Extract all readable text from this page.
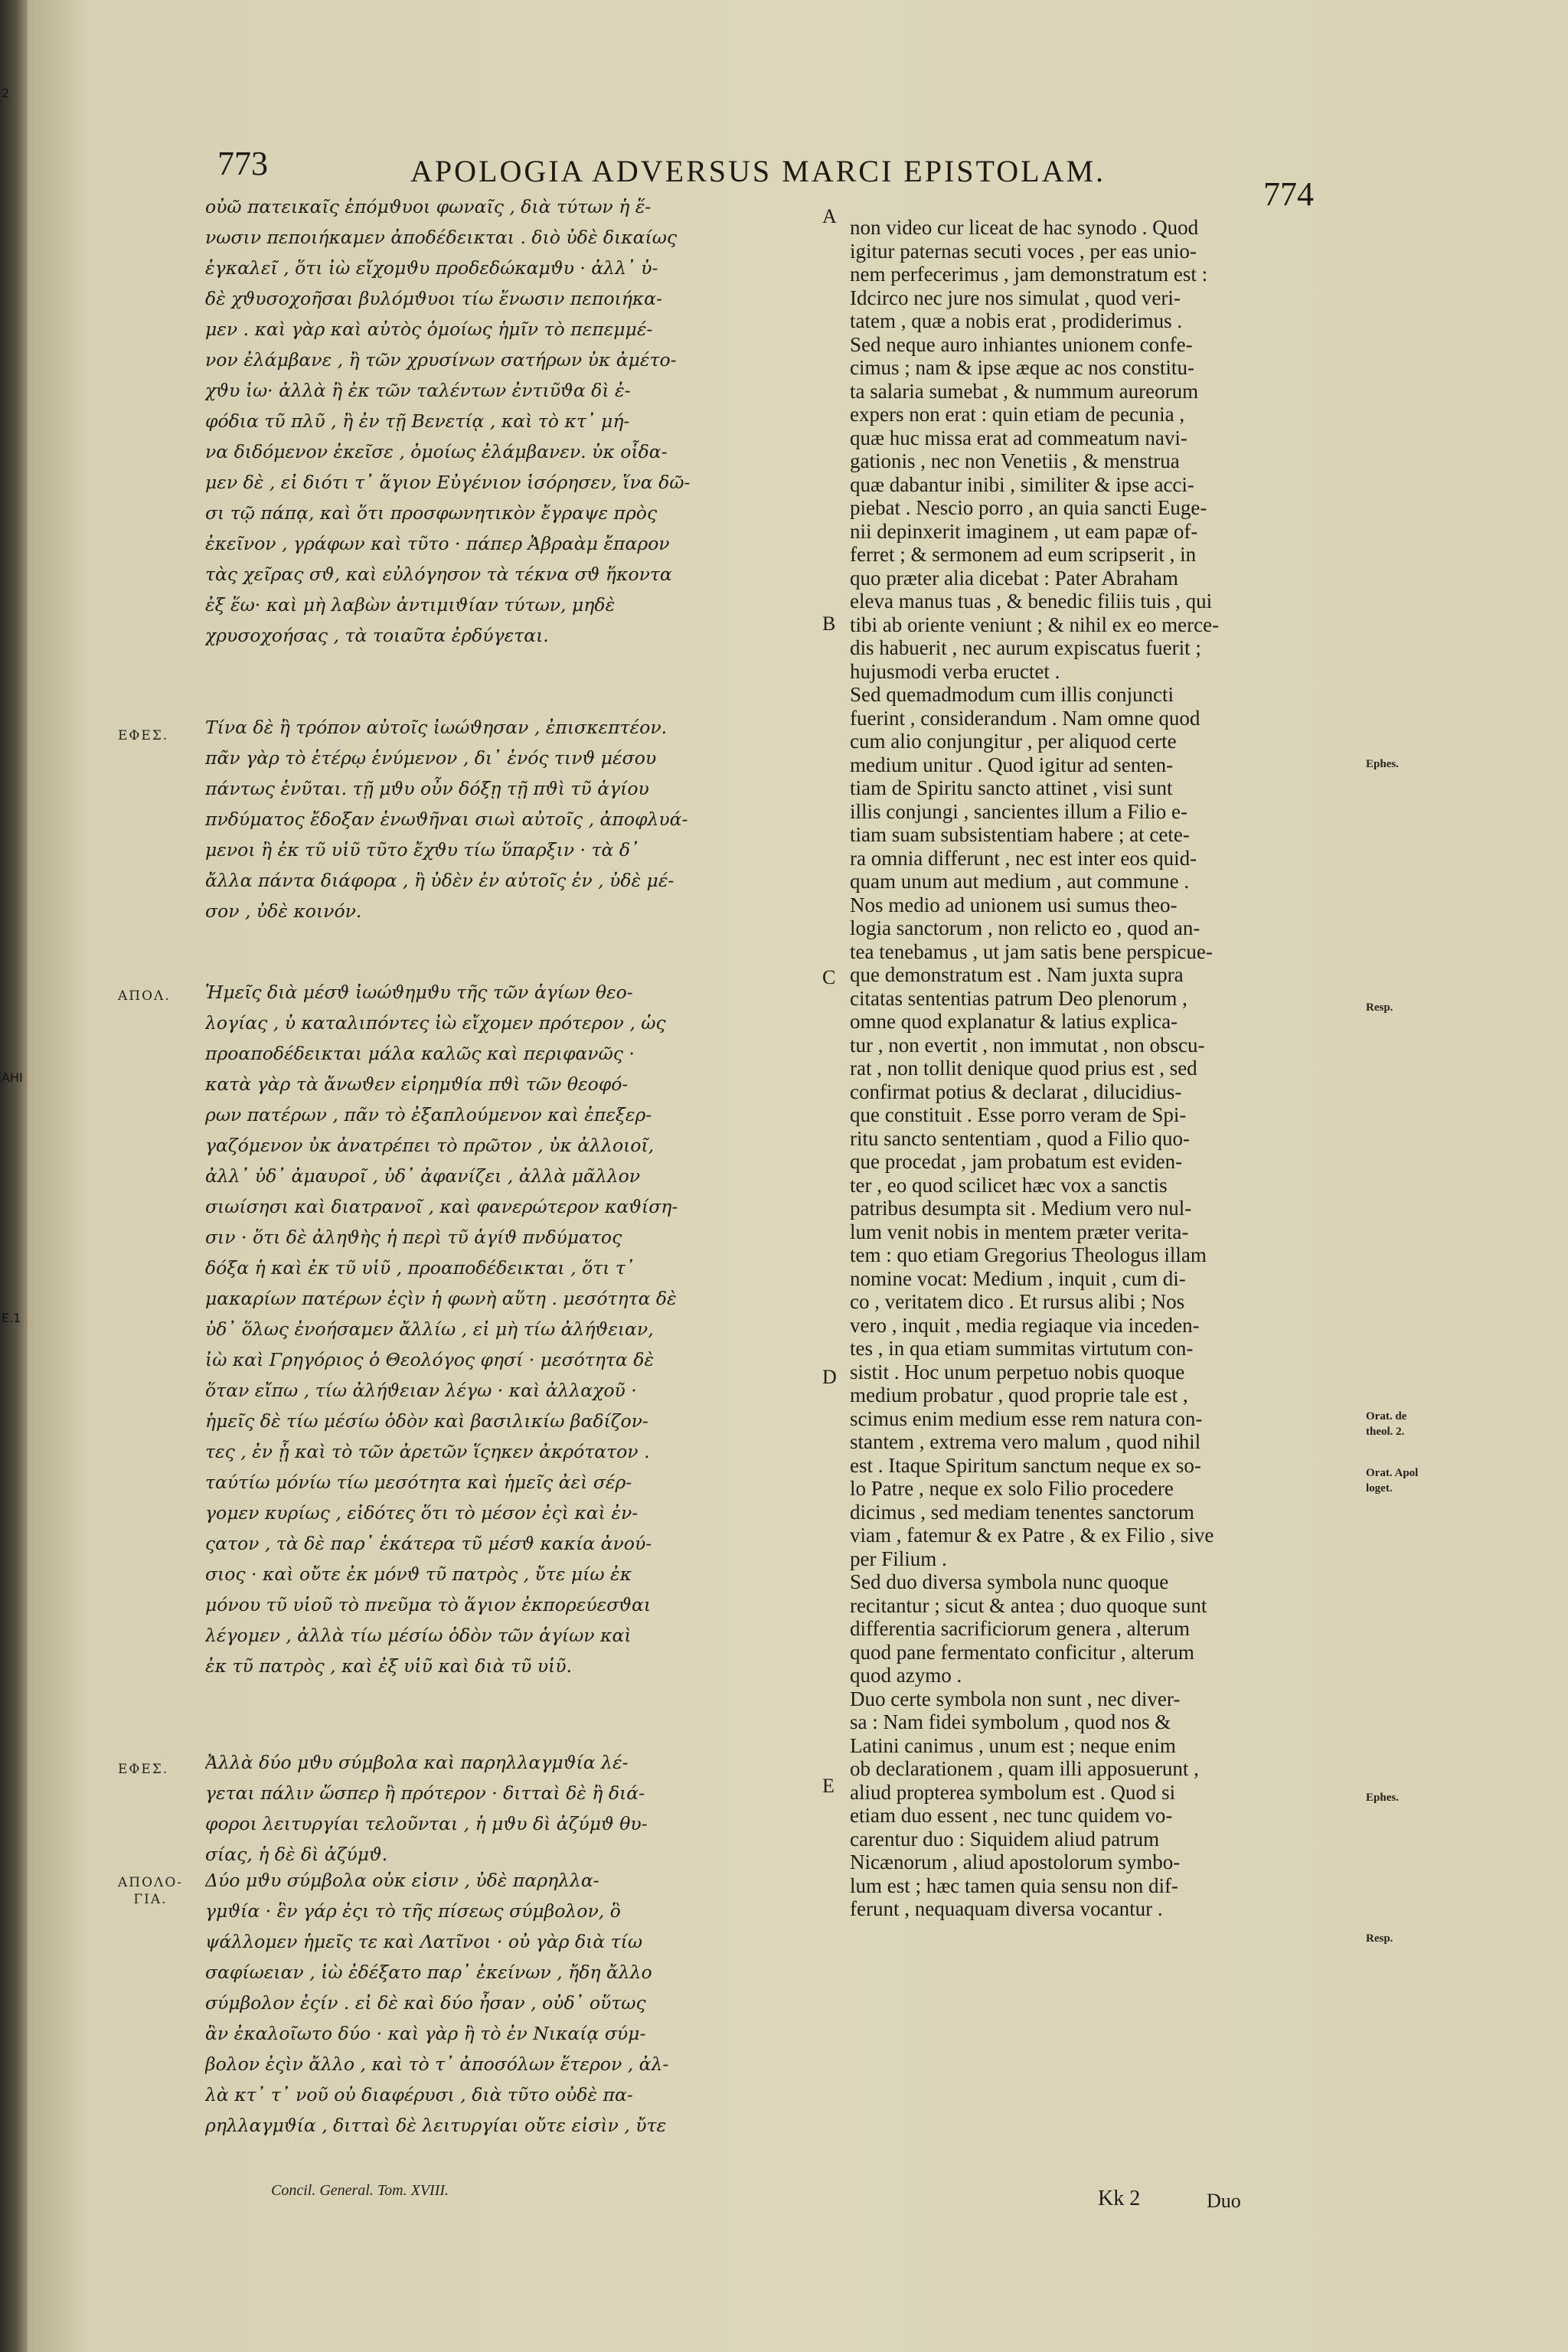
2
AHI
E.1
773	APOLOGIA ADVERSUS MARCI EPISTOLAM.
774
οὐῶ πατεικαῖς ἑπόμϑυοι φωναῖς , διὰ τύτων ἡ ἕ-
νωσιν πεποιήκαμεν ἀποδέδεικται . διὸ ὐδὲ δικαίως
ἐγκαλεῖ , ὅτι ἰὼ εἴχομϑυ προδεδώκαμϑυ · ἀλλ᾽ ὐ-
δὲ χϑυσοχοῆσαι βυλόμϑυοι τίω ἕνωσιν πεποιήκα-
μεν . καὶ γὰρ καὶ αὐτὸς ὁμοίως ἡμῖν τὸ πεπεμμέ-
νον ἐλάμβανε , ἢ τῶν χρυσίνων σατήρων ὐκ ἀμέτο-
χϑυ ἰω· ἀλλὰ ἢ ἐκ τῶν ταλέντων ἐντιῦϑα δὶ ἐ-
φόδια τῦ πλῦ , ἢ ἐν τῇ Βενετίᾳ , καὶ τὸ κτ᾽ μή-
να διδόμενον ἐκεῖσε , ὁμοίως ἐλάμβανεν. ὐκ οἶδα-
μεν δὲ , εἰ διότι τ᾽ ἅγιον Εὐγένιον ἱσόρησεν, ἵνα δῶ-
σι τῷ πάπᾳ, καὶ ὅτι προσφωνητικὸν ἔγραψε πρὸς
ἐκεῖνον , γράφων καὶ τῦτο · πάπερ Ἀβραὰμ ἔπαρον
τὰς χεῖρας σϑ, καὶ εὐλόγησον τὰ τέκνα σϑ ἥκοντα
ἐξ ἕω· καὶ μὴ λαβὼν ἀντιμιϑίαν τύτων, μηδὲ
χρυσοχοήσας , τὰ τοιαῦτα ἐρδύγεται.
ΕΦΕΣ. Τίνα δὲ ἢ τρόπον αὐτοῖς ἰωώϑησαν , ἐπισκεπτέον.
πᾶν γὰρ τὸ ἑτέρῳ ἑνύμενον , δι᾽ ἑνός τινϑ μέσου
πάντως ἑνῦται. τῇ μϑυ οὖν δόξῃ τῇ πϑὶ τῦ ἁγίου
πνδύματος ἔδοξαν ἑνωϑῆναι σιωὶ αὐτοῖς , ἀποφλυά-
μενοι ἢ ἐκ τῦ υἱῦ τῦτο ἔχϑυ τίω ὕπαρξιν · τὰ δ᾽
ἄλλα πάντα διάφορα , ἢ ὐδὲν ἐν αὐτοῖς ἐν , ὐδὲ μέ-
σον , ὐδὲ κοινόν.
ΑΠΟΛ. Ἡμεῖς διὰ μέσϑ ἰωώϑημϑυ τῆς τῶν ἁγίων θεο-
λογίας , ὐ καταλιπόντες ἰὼ εἴχομεν πρότερον , ὡς
προαποδέδεικται μάλα καλῶς καὶ περιφανῶς ·
κατὰ γὰρ τὰ ἄνωϑεν εἰρημϑία πϑὶ τῶν θεοφό-
ρων πατέρων , πᾶν τὸ ἐξαπλούμενον καὶ ἐπεξερ-
γαζόμενον ὐκ ἀνατρέπει τὸ πρῶτον , ὐκ ἀλλοιοῖ,
ἀλλ᾽ ὐδ᾽ ἀμαυροῖ , ὐδ᾽ ἀφανίζει , ἀλλὰ μᾶλλον
σιωίσησι καὶ διατρανοῖ , καὶ φανερώτερον καϑίση-
σιν · ὅτι δὲ ἀληϑὴς ἡ περὶ τῦ ἁγίϑ πνδύματος
δόξα ἡ καὶ ἐκ τῦ υἱῦ , προαποδέδεικται , ὅτι τ᾽
μακαρίων πατέρων ἐςὶν ἡ φωνὴ αὕτη . μεσότητα δὲ
ὐδ᾽ ὅλως ἐνοήσαμεν ἄλλίω , εἰ μὴ τίω ἀλήϑειαν,
ἰὼ καὶ Γρηγόριος ὁ Θεολόγος φησί · μεσότητα δὲ
ὅταν εἴπω , τίω ἀλήϑειαν λέγω · καὶ ἀλλαχοῦ ·
ἡμεῖς δὲ τίω μέσίω ὁδὸν καὶ βασιλικίω βαδίζον-
τες , ἐν ᾗ καὶ τὸ τῶν ἀρετῶν ἵςηκεν ἀκρότατον .
ταύτίω μόνίω τίω μεσότητα καὶ ἡμεῖς ἀεὶ σέρ-
γομεν κυρίως , εἰδότες ὅτι τὸ μέσον ἐςὶ καὶ ἐν-
ςατον , τὰ δὲ παρ᾽ ἑκάτερα τῦ μέσϑ κακία ἀνού-
σιος · καὶ οὔτε ἐκ μόνϑ τῦ πατρὸς , ὔτε μίω ἐκ
μόνου τῦ υἱοῦ τὸ πνεῦμα τὸ ἅγιον ἐκπορεύεσϑαι
λέγομεν , ἀλλὰ τίω μέσίω ὁδὸν τῶν ἁγίων καὶ
ἐκ τῦ πατρὸς , καὶ ἐξ υἱῦ καὶ διὰ τῦ υἱῦ.
ΕΦΕΣ. Ἀλλὰ δύο μϑυ σύμβολα καὶ παρηλλαγμϑία λέ-
γεται πάλιν ὥσπερ ἢ πρότερον · διτταὶ δὲ ἢ διά-
φοροι λειτυργίαι τελοῦνται , ἡ μϑυ δὶ ἀζύμϑ θυ-
σίας, ἡ δὲ δὶ ἀζύμϑ.
ΑΠΟΛΟ-
ΓΙΑ.
Δύο μϑυ σύμβολα οὐκ εἰσιν , ὐδὲ παρηλλα-
γμϑία · ἓν γάρ ἐςι τὸ τῆς πίσεως σύμβολον, ὃ
ψάλλομεν ἡμεῖς τε καὶ Λατῖνοι · οὐ γὰρ διὰ τίω
σαφίωειαν , ἰὼ ἐδέξατο παρ᾽ ἐκείνων , ἤδη ἄλλο
σύμβολον ἐςίν . εἰ δὲ καὶ δύο ἦσαν , οὐδ᾽ οὕτως
ἂν ἐκαλοῖωτο δύο · καὶ γὰρ ἢ τὸ ἐν Νικαίᾳ σύμ-
βολον ἐςὶν ἄλλο , καὶ τὸ τ᾽ ἀποσόλων ἕτερον , ἀλ-
λὰ κτ᾽ τ᾽ νοῦ οὐ διαφέρυσι , διὰ τῦτο οὐδὲ πα-
ρηλλαγμϑία , διτταὶ δὲ λειτυργίαι οὔτε εἰσὶν , ὔτε
A
B
C
D
E
non video cur liceat de hac synodo . Quod
igitur paternas secuti voces , per eas unio-
nem perfecerimus , jam demonstratum est :
Idcirco nec jure nos simulat , quod veri-
tatem , quæ a nobis erat , prodiderimus .
Sed neque auro inhiantes unionem confe-
cimus ; nam & ipse æque ac nos constitu-
ta salaria sumebat , & nummum aureorum
expers non erat : quin etiam de pecunia ,
quæ huc missa erat ad commeatum navi-
gationis , nec non Venetiis , & menstrua
quæ dabantur inibi , similiter & ipse acci-
piebat . Nescio porro , an quia sancti Euge-
nii depinxerit imaginem , ut eam papæ of-
ferret ; & sermonem ad eum scripserit , in
quo præter alia dicebat : Pater Abraham
eleva manus tuas , & benedic filiis tuis , qui
tibi ab oriente veniunt ; & nihil ex eo merce-
dis habuerit , nec aurum expiscatus fuerit ;
hujusmodi verba eructet .
Sed quemadmodum cum illis conjuncti
fuerint , considerandum . Nam omne quod
cum alio conjungitur , per aliquod certe
medium unitur . Quod igitur ad senten-
tiam de Spiritu sancto attinet , visi sunt
illis conjungi , sancientes illum a Filio e-
tiam suam subsistentiam habere ; at cete-
ra omnia differunt , nec est inter eos quid-
quam unum aut medium , aut commune .
Nos medio ad unionem usi sumus theo-
logia sanctorum , non relicto eo , quod an-
tea tenebamus , ut jam satis bene perspicue-
que demonstratum est . Nam juxta supra
citatas sententias patrum Deo plenorum ,
omne quod explanatur & latius explica-
tur , non evertit , non immutat , non obscu-
rat , non tollit denique quod prius est , sed
confirmat potius & declarat , dilucidius-
que constituit . Esse porro veram de Spi-
ritu sancto sententiam , quod a Filio quo-
que procedat , jam probatum est eviden-
ter , eo quod scilicet hæc vox a sanctis
patribus desumpta sit . Medium vero nul-
lum venit nobis in mentem præter verita-
tem : quo etiam Gregorius Theologus illam
nomine vocat: Medium , inquit , cum di-
co , veritatem dico . Et rursus alibi ; Nos
vero , inquit , media regiaque via inceden-
tes , in qua etiam summitas virtutum con-
sistit . Hoc unum perpetuo nobis quoque
medium probatur , quod proprie tale est ,
scimus enim medium esse rem natura con-
stantem , extrema vero malum , quod nihil
est . Itaque Spiritum sanctum neque ex so-
lo Patre , neque ex solo Filio procedere
dicimus , sed mediam tenentes sanctorum
viam , fatemur & ex Patre , & ex Filio , sive
per Filium .
Sed duo diversa symbola nunc quoque
recitantur ; sicut & antea ; duo quoque sunt
differentia sacrificiorum genera , alterum
quod pane fermentato conficitur , alterum
quod azymo .
Duo certe symbola non sunt , nec diver-
sa : Nam fidei symbolum , quod nos &
Latini canimus , unum est ; neque enim
ob declarationem , quam illi apposuerunt ,
aliud propterea symbolum est . Quod si
etiam duo essent , nec tunc quidem vo-
carentur duo : Siquidem aliud patrum
Nicænorum , aliud apostolorum symbo-
lum est ; hæc tamen quia sensu non dif-
ferunt , nequaquam diversa vocantur .
Ephes.
Resp.
Orat. de
theol. 2.
Orat. Apol
loget.
Ephes.
Resp.
Concil. General. Tom. XVIII.	Kk 2	Duo
